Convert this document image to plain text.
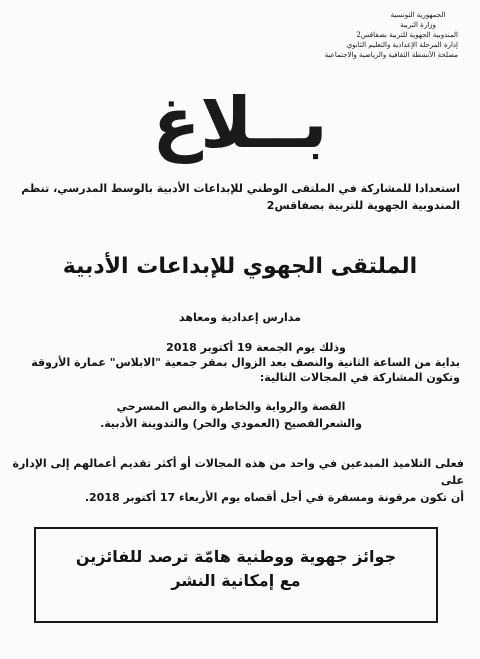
الجمهورية التونسية
وزارة التربية
المندوبية الجهوية للتربية بصفاقس2
إدارة المرحلة الإعدادية والتعليم الثانوي
مصلحة الأنشطة الثقافية والرياضية والاجتماعية
بــلاغ
استعدادا للمشاركة في الملتقى الوطني للإبداعات الأدبية بالوسط المدرسي، تنظم المندوبية الجهوية للتربية بصفاقس2
الملتقى الجهوي للإبداعات الأدبية
مدارس إعدادية ومعاهد
وذلك يوم الجمعة 19 أكتوبر 2018
بداية من الساعة الثانية والنصف بعد الزوال بمقر جمعية "الابلاس" عمارة الأروقة
وتكون المشاركة في المجالات التالية:
القصة والرواية والخاطرة والنص المسرحي
والشعرالفصيح (العمودي والحر) والتدوينة الأدبية.
فعلى التلاميذ المبدعين في واحد من هذه المجالات أو أكثر تقديم أعمالهم إلى الإدارة على
أن تكون مرقونة ومسفرة في أجل أقصاه يوم الأربعاء 17 أكتوبر 2018.
جوائز جهوية ووطنية هامّة ترصد للفائزين
مع إمكانية النشر
